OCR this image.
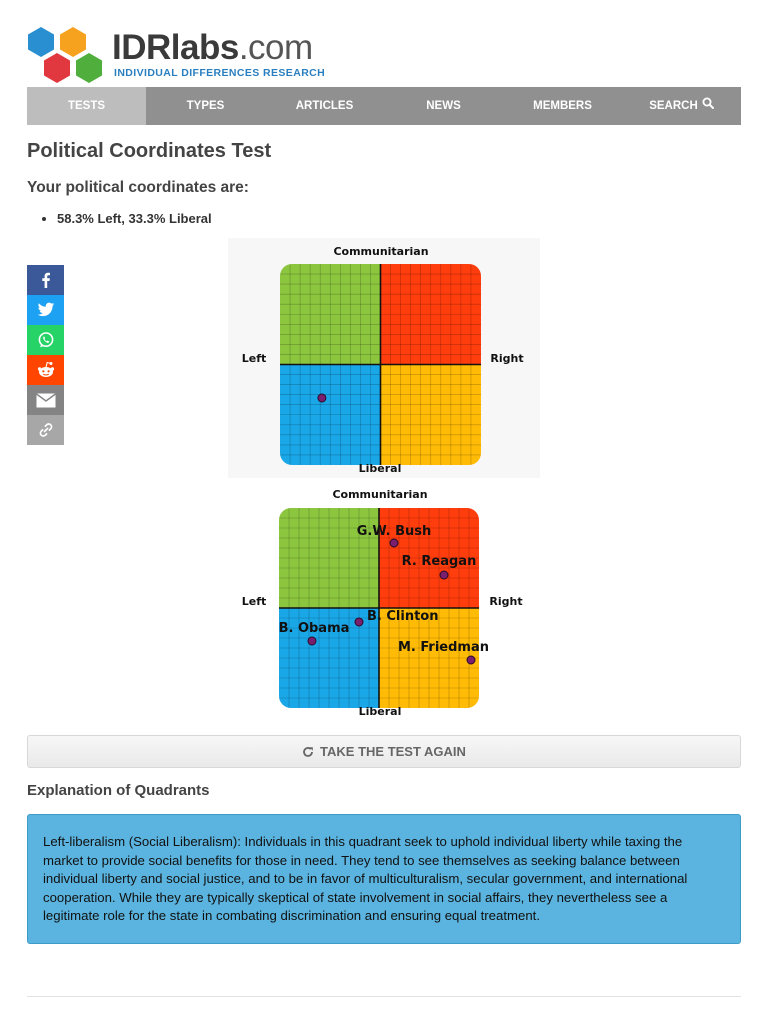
IDRlabs.com
INDIVIDUAL DIFFERENCES RESEARCH
TESTS	TYPES	ARTICLES	NEWS	MEMBERS	SEARCH
Political Coordinates Test
Your political coordinates are:
• 58.3% Left, 33.3% Liberal
Communitarian
Liberal
Left	Right
G.W. Bush
R. Reagan
B. Clinton
B. Obama
M. Friedman
Communitarian
Liberal
Left	Right
TAKE THE TEST AGAIN
Explanation of Quadrants
Left-liberalism (Social Liberalism): Individuals in this quadrant seek to uphold individual liberty while taxing the market to provide social benefits for those in need. They tend to see themselves as seeking balance between individual liberty and social justice, and to be in favor of multiculturalism, secular government, and international cooperation. While they are typically skeptical of state involvement in social affairs, they nevertheless see a legitimate role for the state in combating discrimination and ensuring equal treatment.
